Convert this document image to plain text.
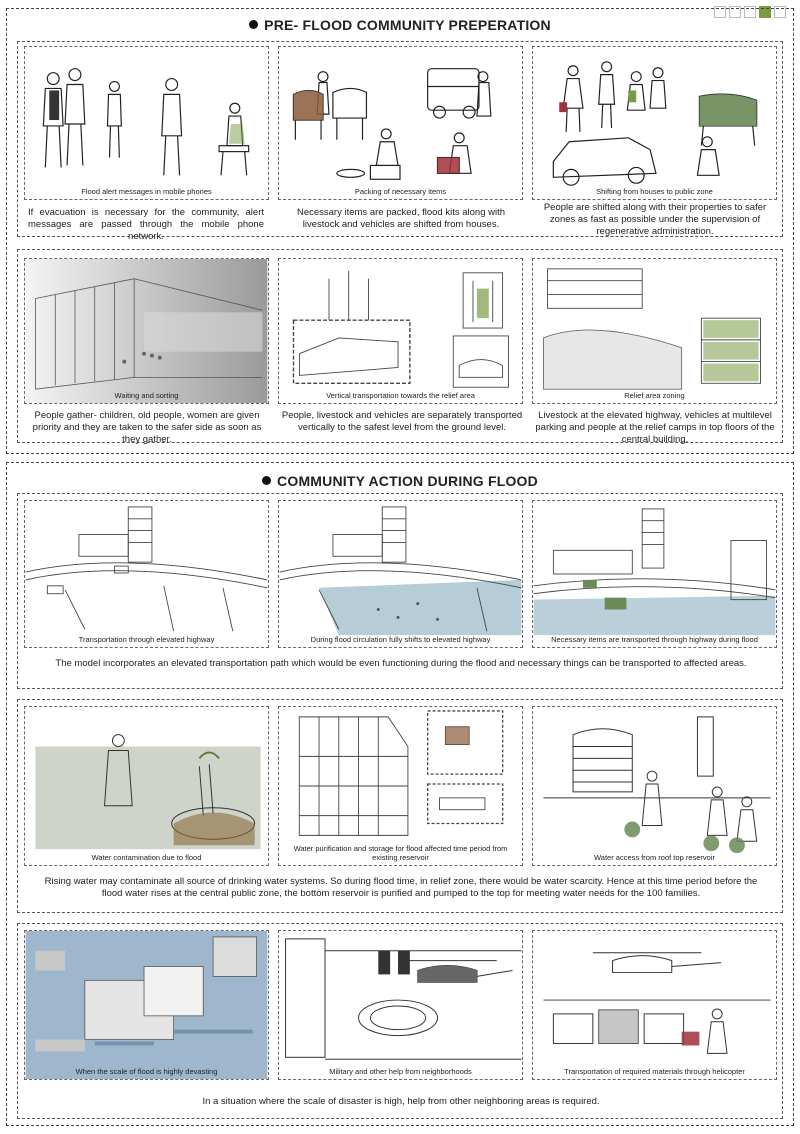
PRE- FLOOD COMMUNITY PREPERATION
Flood alert messages in mobile phones	Packing of necessary items	Shifting from houses to public zone
If evacuation is necessary for the community, alert messages are passed through the mobile phone network.
Necessary items are packed, flood kits along with livestock and vehicles are shifted from houses.
People are shifted along with their properties to safer zones as fast as possible under the supervision of regenerative administration.
Waiting and sorting	Vertical transportation towards the relief area	Relief area zoning
People gather- children, old people, women are given priority and they are taken to the safer side as soon as they gather.
People, livestock and vehicles are separately transported vertically to the safest level from the ground level.
Livestock at the elevated highway, vehicles at multilevel parking and people at the relief camps in top floors of the central building.
COMMUNITY ACTION DURING FLOOD
Transportation through elevated highway	During flood circulation fully shifts to elevated highway	Necessary items are transported through highway during flood
The model incorporates an elevated transportation path which would be even functioning during the flood and necessary things can be transported to affected areas.
Water contamination due to flood
Water purification and storage for flood affected time period from existing reservoir	Water access from roof top reservoir
Rising water may contaminate all source of drinking water systems. So during flood time, in relief zone, there would be water scarcity. Hence at this time period before the flood water rises at the central public zone, the bottom reservoir is purified and pumped to the top for meeting water needs for the 100 families.
When the scale of flood is highly devasting	Military and other help from neighborhoods	Transportation of required materials through helicopter
In a situation where the scale of disaster is high, help from other neighboring areas is required.
